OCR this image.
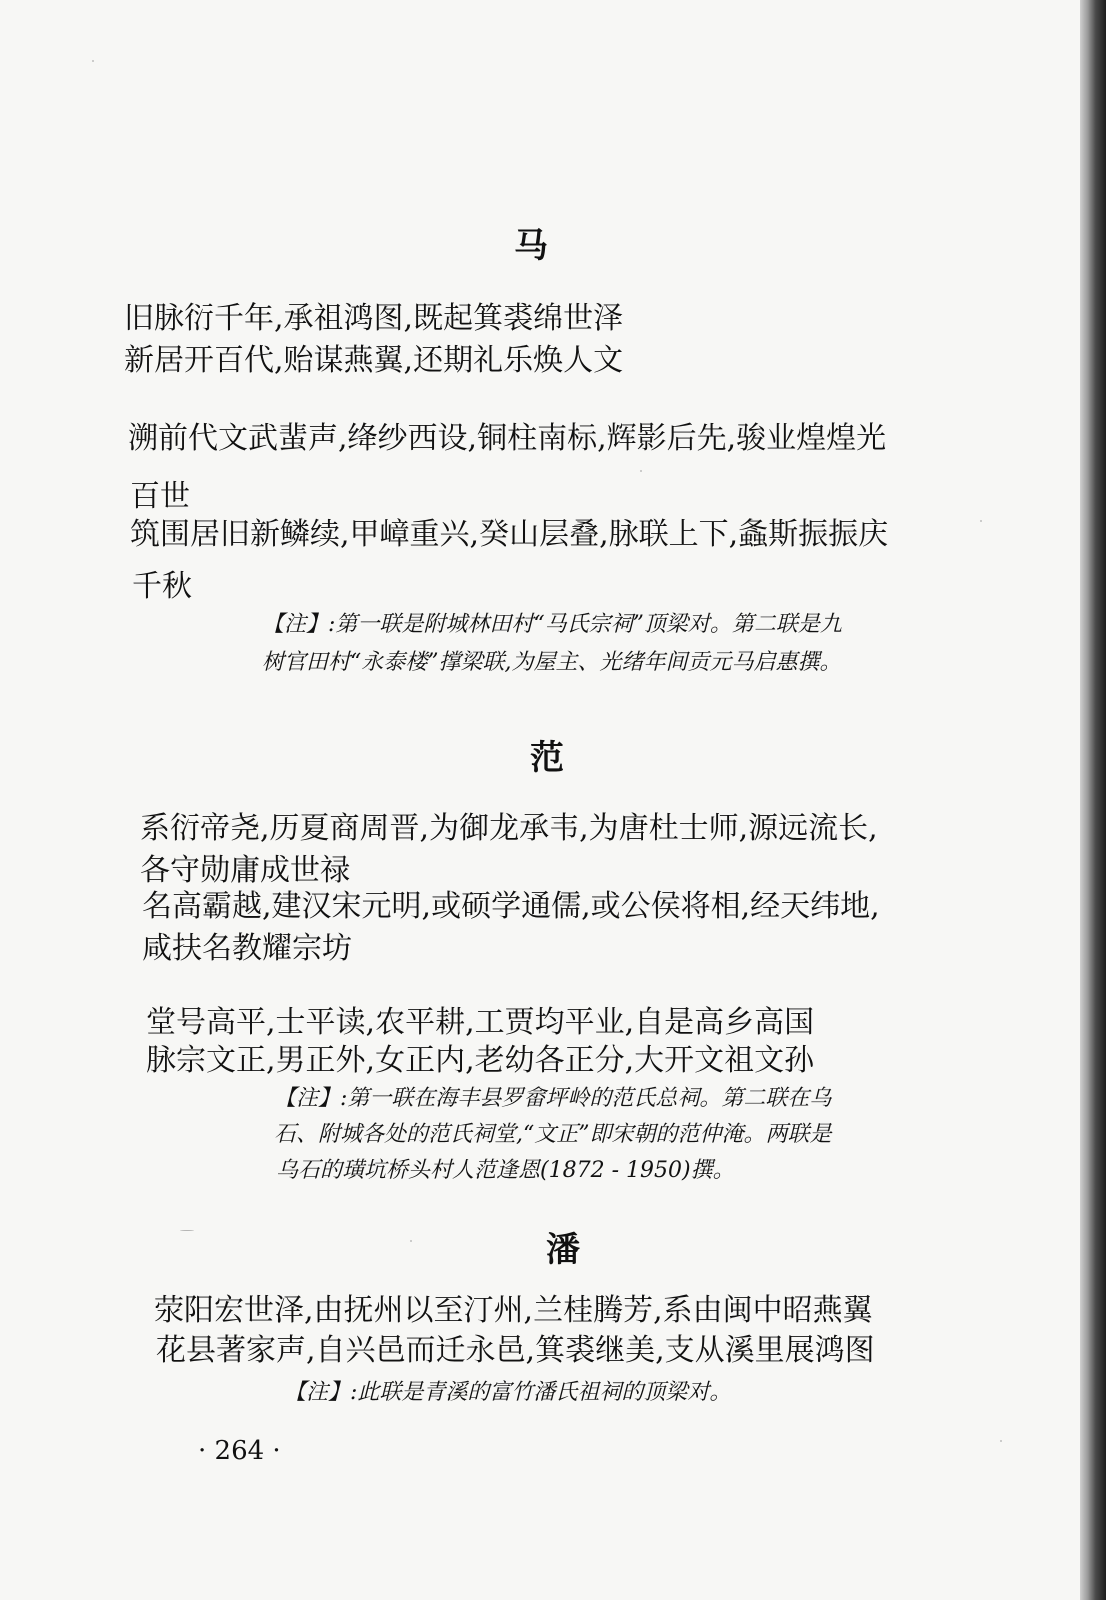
马
旧脉衍千年,承祖鸿图,既起箕裘绵世泽
新居开百代,贻谋燕翼,还期礼乐焕人文
溯前代文武蜚声,绛纱西设,铜柱南标,辉影后先,骏业煌煌光
百世
筑围居旧新鳞续,甲嶂重兴,癸山层叠,脉联上下,螽斯振振庆
千秋
【注】:第一联是附城林田村“马氏宗祠”顶梁对。第二联是九
树官田村“永泰楼”撑梁联,为屋主、光绪年间贡元马启惠撰。
范
系衍帝尧,历夏商周晋,为御龙承韦,为唐杜士师,源远流长,
各守勋庸成世禄
名高霸越,建汉宋元明,或硕学通儒,或公侯将相,经天纬地,
咸扶名教耀宗坊
堂号高平,士平读,农平耕,工贾均平业,自是高乡高国
脉宗文正,男正外,女正内,老幼各正分,大开文祖文孙
【注】:第一联在海丰县罗畲坪岭的范氏总祠。第二联在乌
石、附城各处的范氏祠堂,“文正”即宋朝的范仲淹。两联是
乌石的璜坑桥头村人范逢恩(1872 - 1950)撰。
潘
荥阳宏世泽,由抚州以至汀州,兰桂腾芳,系由闽中昭燕翼
花县著家声,自兴邑而迁永邑,箕裘继美,支从溪里展鸿图
【注】:此联是青溪的富竹潘氏祖祠的顶梁对。
· 264 ·
